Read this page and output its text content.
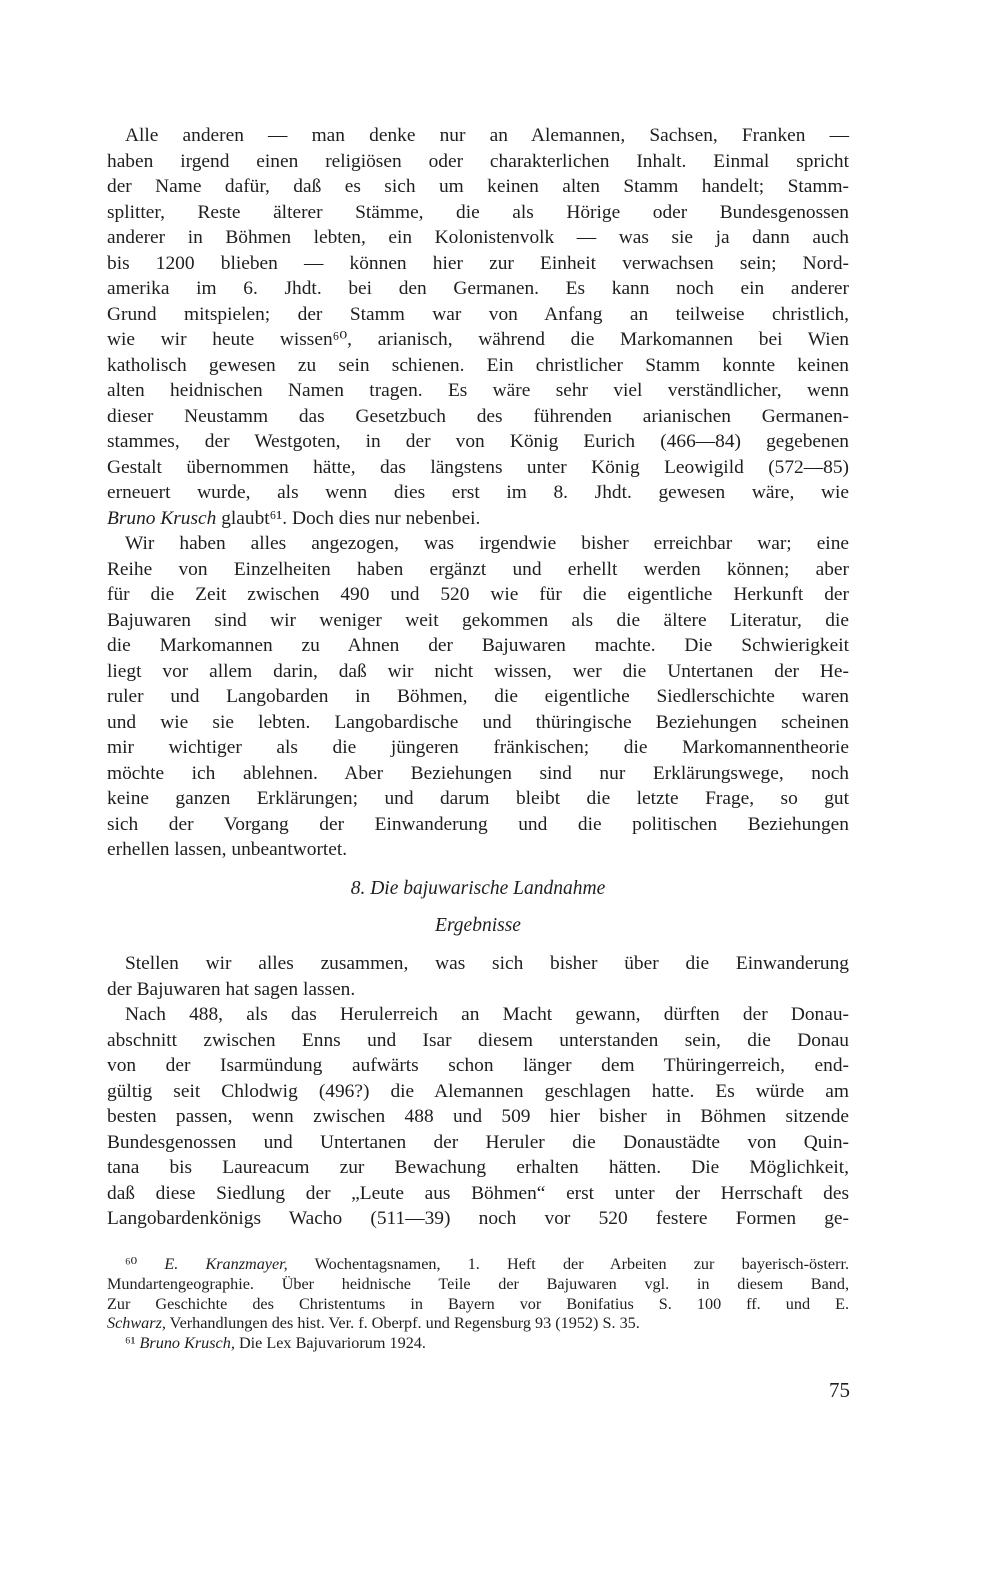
Alle anderen — man denke nur an Alemannen, Sachsen, Franken —
haben irgend einen religiösen oder charakterlichen Inhalt. Einmal spricht
der Name dafür, daß es sich um keinen alten Stamm handelt; Stamm-
splitter, Reste älterer Stämme, die als Hörige oder Bundesgenossen
anderer in Böhmen lebten, ein Kolonistenvolk — was sie ja dann auch
bis 1200 blieben — können hier zur Einheit verwachsen sein; Nord-
amerika im 6. Jhdt. bei den Germanen. Es kann noch ein anderer
Grund mitspielen; der Stamm war von Anfang an teilweise christlich,
wie wir heute wissen⁶⁰, arianisch, während die Markomannen bei Wien
katholisch gewesen zu sein schienen. Ein christlicher Stamm konnte keinen
alten heidnischen Namen tragen. Es wäre sehr viel verständlicher, wenn
dieser Neustamm das Gesetzbuch des führenden arianischen Germanen-
stammes, der Westgoten, in der von König Eurich (466—84) gegebenen
Gestalt übernommen hätte, das längstens unter König Leowigild (572—85)
erneuert wurde, als wenn dies erst im 8. Jhdt. gewesen wäre, wie
Bruno Krusch glaubt⁶¹. Doch dies nur nebenbei.
Wir haben alles angezogen, was irgendwie bisher erreichbar war; eine
Reihe von Einzelheiten haben ergänzt und erhellt werden können; aber
für die Zeit zwischen 490 und 520 wie für die eigentliche Herkunft der
Bajuwaren sind wir weniger weit gekommen als die ältere Literatur, die
die Markomannen zu Ahnen der Bajuwaren machte. Die Schwierigkeit
liegt vor allem darin, daß wir nicht wissen, wer die Untertanen der He-
ruler und Langobarden in Böhmen, die eigentliche Siedlerschichte waren
und wie sie lebten. Langobardische und thüringische Beziehungen scheinen
mir wichtiger als die jüngeren fränkischen; die Markomannentheorie
möchte ich ablehnen. Aber Beziehungen sind nur Erklärungswege, noch
keine ganzen Erklärungen; und darum bleibt die letzte Frage, so gut
sich der Vorgang der Einwanderung und die politischen Beziehungen
erhellen lassen, unbeantwortet.
8. Die bajuwarische Landnahme
Ergebnisse
Stellen wir alles zusammen, was sich bisher über die Einwanderung
der Bajuwaren hat sagen lassen.
Nach 488, als das Herulerreich an Macht gewann, dürften der Donau-
abschnitt zwischen Enns und Isar diesem unterstanden sein, die Donau
von der Isarmündung aufwärts schon länger dem Thüringerreich, end-
gültig seit Chlodwig (496?) die Alemannen geschlagen hatte. Es würde am
besten passen, wenn zwischen 488 und 509 hier bisher in Böhmen sitzende
Bundesgenossen und Untertanen der Heruler die Donaustädte von Quin-
tana bis Laureacum zur Bewachung erhalten hätten. Die Möglichkeit,
daß diese Siedlung der „Leute aus Böhmen“ erst unter der Herrschaft des
Langobardenkönigs Wacho (511—39) noch vor 520 festere Formen ge-
⁶⁰ E. Kranzmayer, Wochentagsnamen, 1. Heft der Arbeiten zur bayerisch-österr.
Mundartengeographie. Über heidnische Teile der Bajuwaren vgl. in diesem Band,
Zur Geschichte des Christentums in Bayern vor Bonifatius S. 100 ff. und E.
Schwarz, Verhandlungen des hist. Ver. f. Oberpf. und Regensburg 93 (1952) S. 35.
⁶¹ Bruno Krusch, Die Lex Bajuvariorum 1924.
75
